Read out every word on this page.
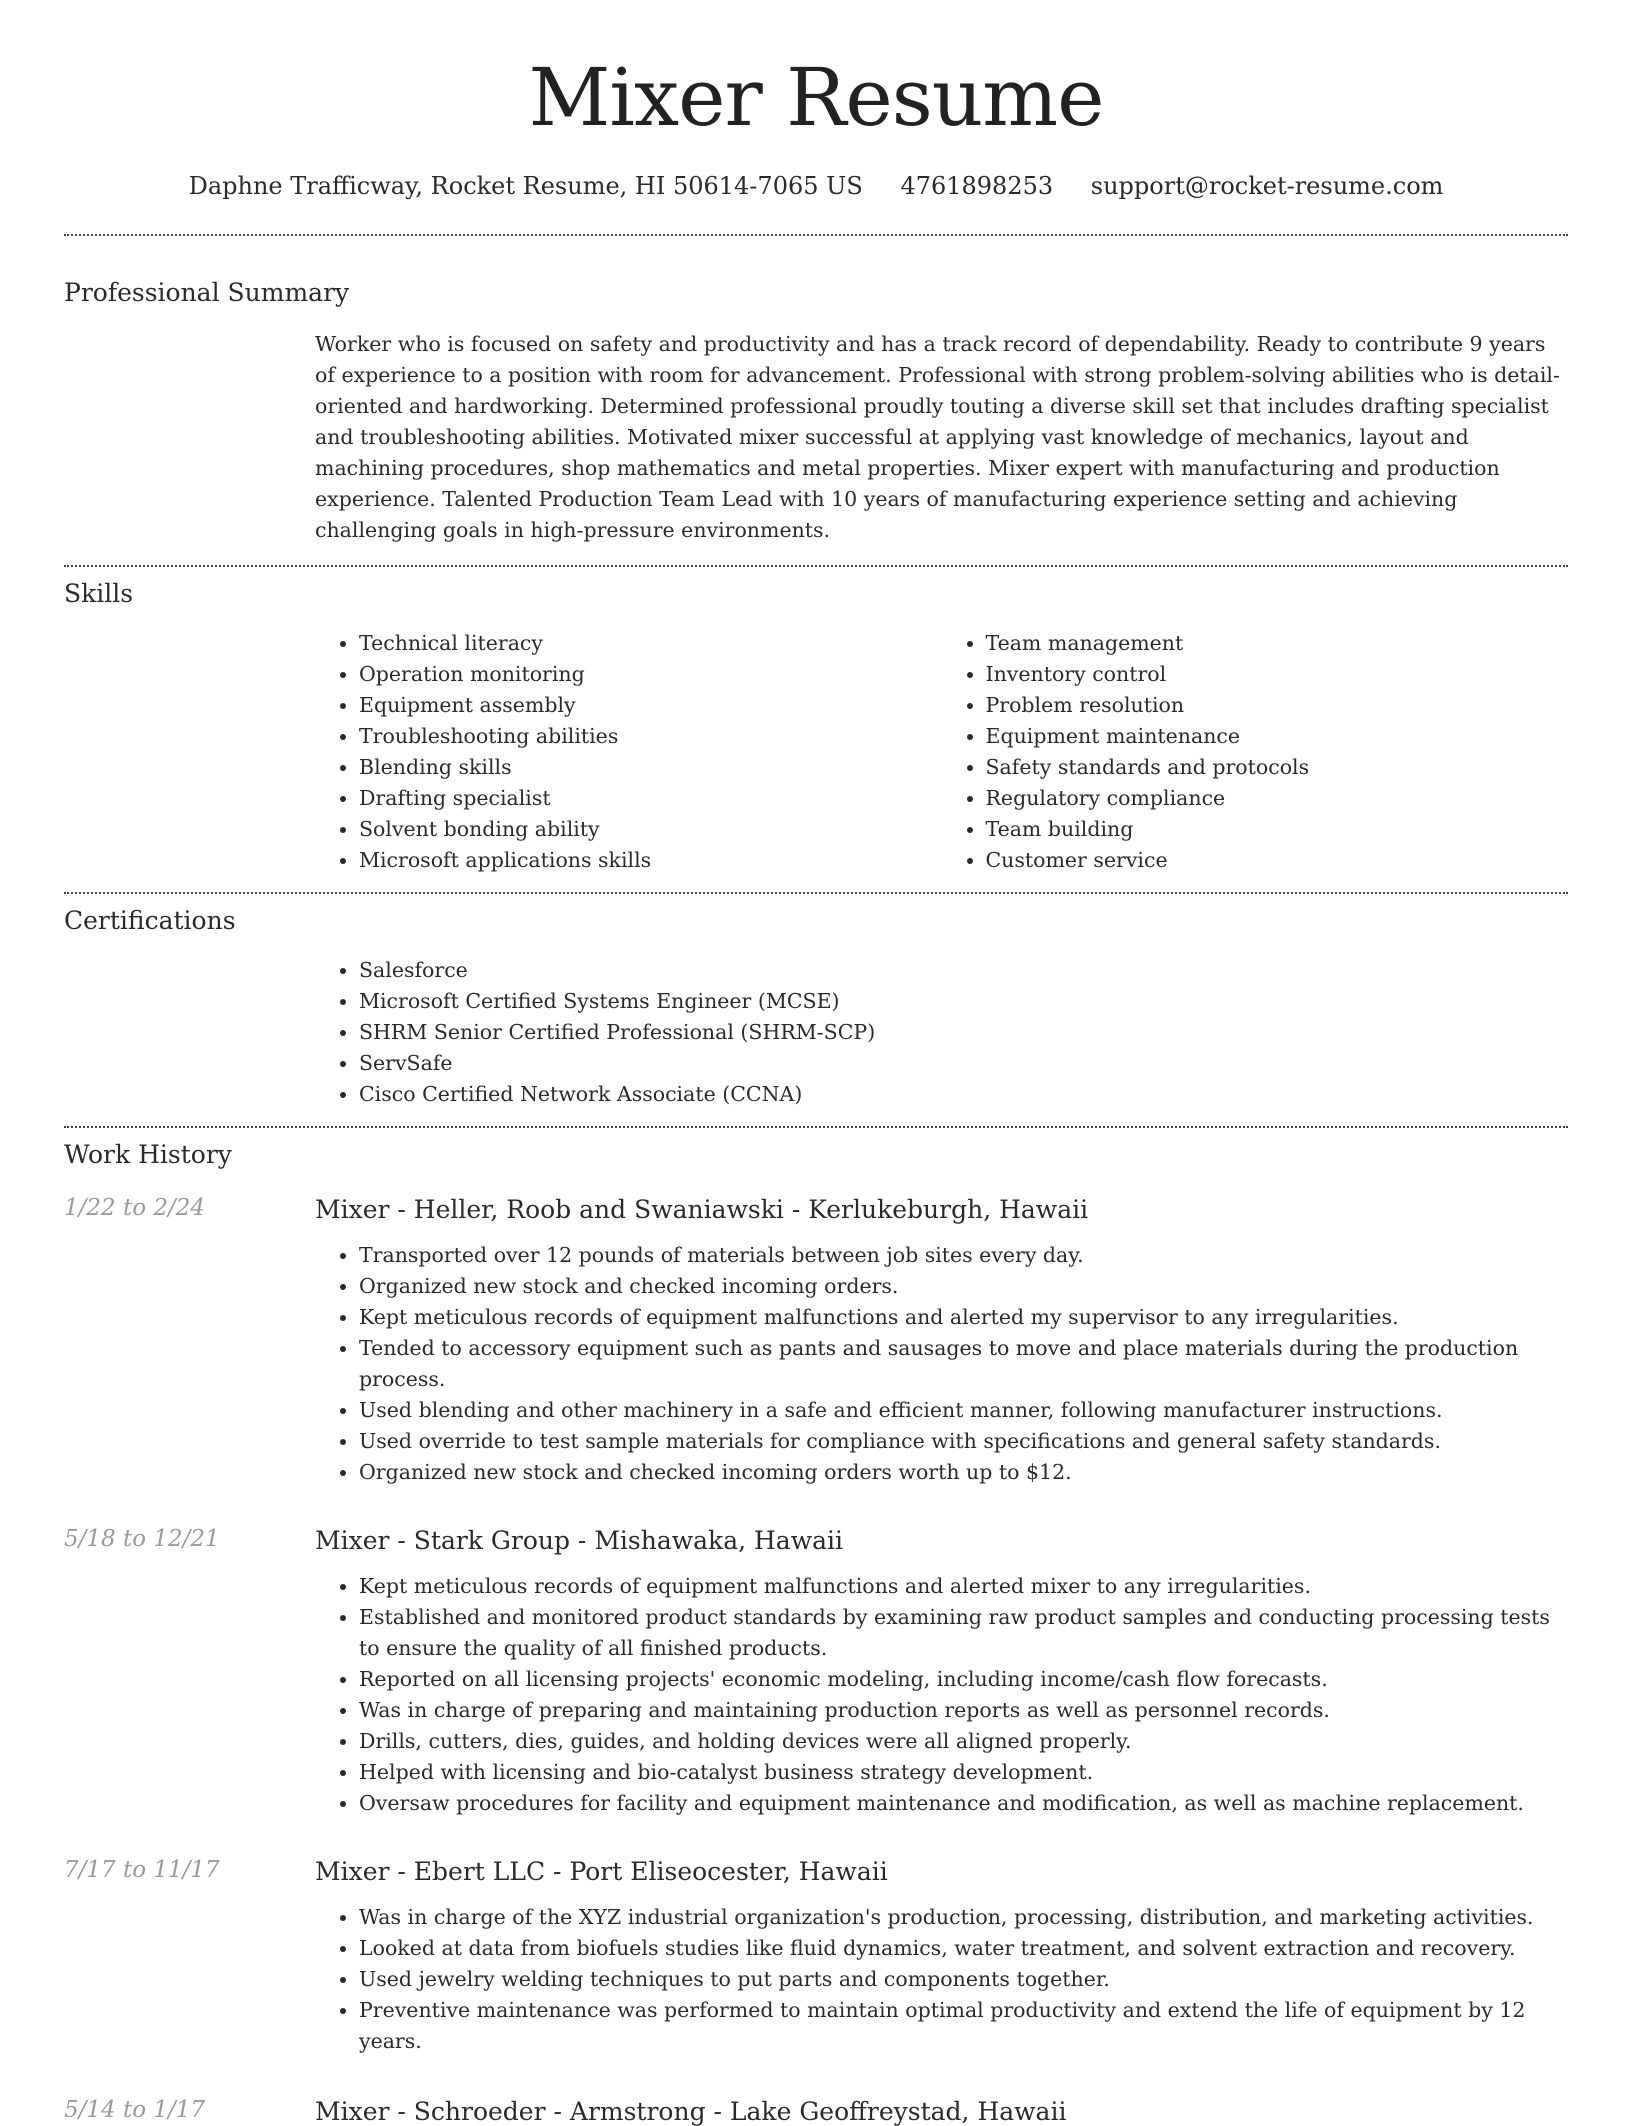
Mixer Resume
Daphne Trafficway, Rocket Resume, HI 50614-7065 US 4761898253 support@rocket-resume.com
Professional Summary
Worker who is focused on safety and productivity and has a track record of dependability. Ready to contribute 9 years of experience to a position with room for advancement. Professional with strong problem-solving abilities who is detail-oriented and hardworking. Determined professional proudly touting a diverse skill set that includes drafting specialist and troubleshooting abilities. Motivated mixer successful at applying vast knowledge of mechanics, layout and machining procedures, shop mathematics and metal properties. Mixer expert with manufacturing and production experience. Talented Production Team Lead with 10 years of manufacturing experience setting and achieving challenging goals in high-pressure environments.
Skills
• Technical literacy
• Operation monitoring
• Equipment assembly
• Troubleshooting abilities
• Blending skills
• Drafting specialist
• Solvent bonding ability
• Microsoft applications skills
• Team management
• Inventory control
• Problem resolution
• Equipment maintenance
• Safety standards and protocols
• Regulatory compliance
• Team building
• Customer service
Certifications
• Salesforce
• Microsoft Certified Systems Engineer (MCSE)
• SHRM Senior Certified Professional (SHRM-SCP)
• ServSafe
• Cisco Certified Network Associate (CCNA)
Work History
1/22 to 2/24	Mixer - Heller, Roob and Swaniawski - Kerlukeburgh, Hawaii
• Transported over 12 pounds of materials between job sites every day.
• Organized new stock and checked incoming orders.
• Kept meticulous records of equipment malfunctions and alerted my supervisor to any irregularities.
• Tended to accessory equipment such as pants and sausages to move and place materials during the production process.
• Used blending and other machinery in a safe and efficient manner, following manufacturer instructions.
• Used override to test sample materials for compliance with specifications and general safety standards.
• Organized new stock and checked incoming orders worth up to $12.
5/18 to 12/21	Mixer - Stark Group - Mishawaka, Hawaii
• Kept meticulous records of equipment malfunctions and alerted mixer to any irregularities.
• Established and monitored product standards by examining raw product samples and conducting processing tests to ensure the quality of all finished products.
• Reported on all licensing projects' economic modeling, including income/cash flow forecasts.
• Was in charge of preparing and maintaining production reports as well as personnel records.
• Drills, cutters, dies, guides, and holding devices were all aligned properly.
• Helped with licensing and bio-catalyst business strategy development.
• Oversaw procedures for facility and equipment maintenance and modification, as well as machine replacement.
7/17 to 11/17	Mixer - Ebert LLC - Port Eliseocester, Hawaii
• Was in charge of the XYZ industrial organization's production, processing, distribution, and marketing activities.
• Looked at data from biofuels studies like fluid dynamics, water treatment, and solvent extraction and recovery.
• Used jewelry welding techniques to put parts and components together.
• Preventive maintenance was performed to maintain optimal productivity and extend the life of equipment by 12 years.
5/14 to 1/17	Mixer - Schroeder - Armstrong - Lake Geoffreystad, Hawaii
